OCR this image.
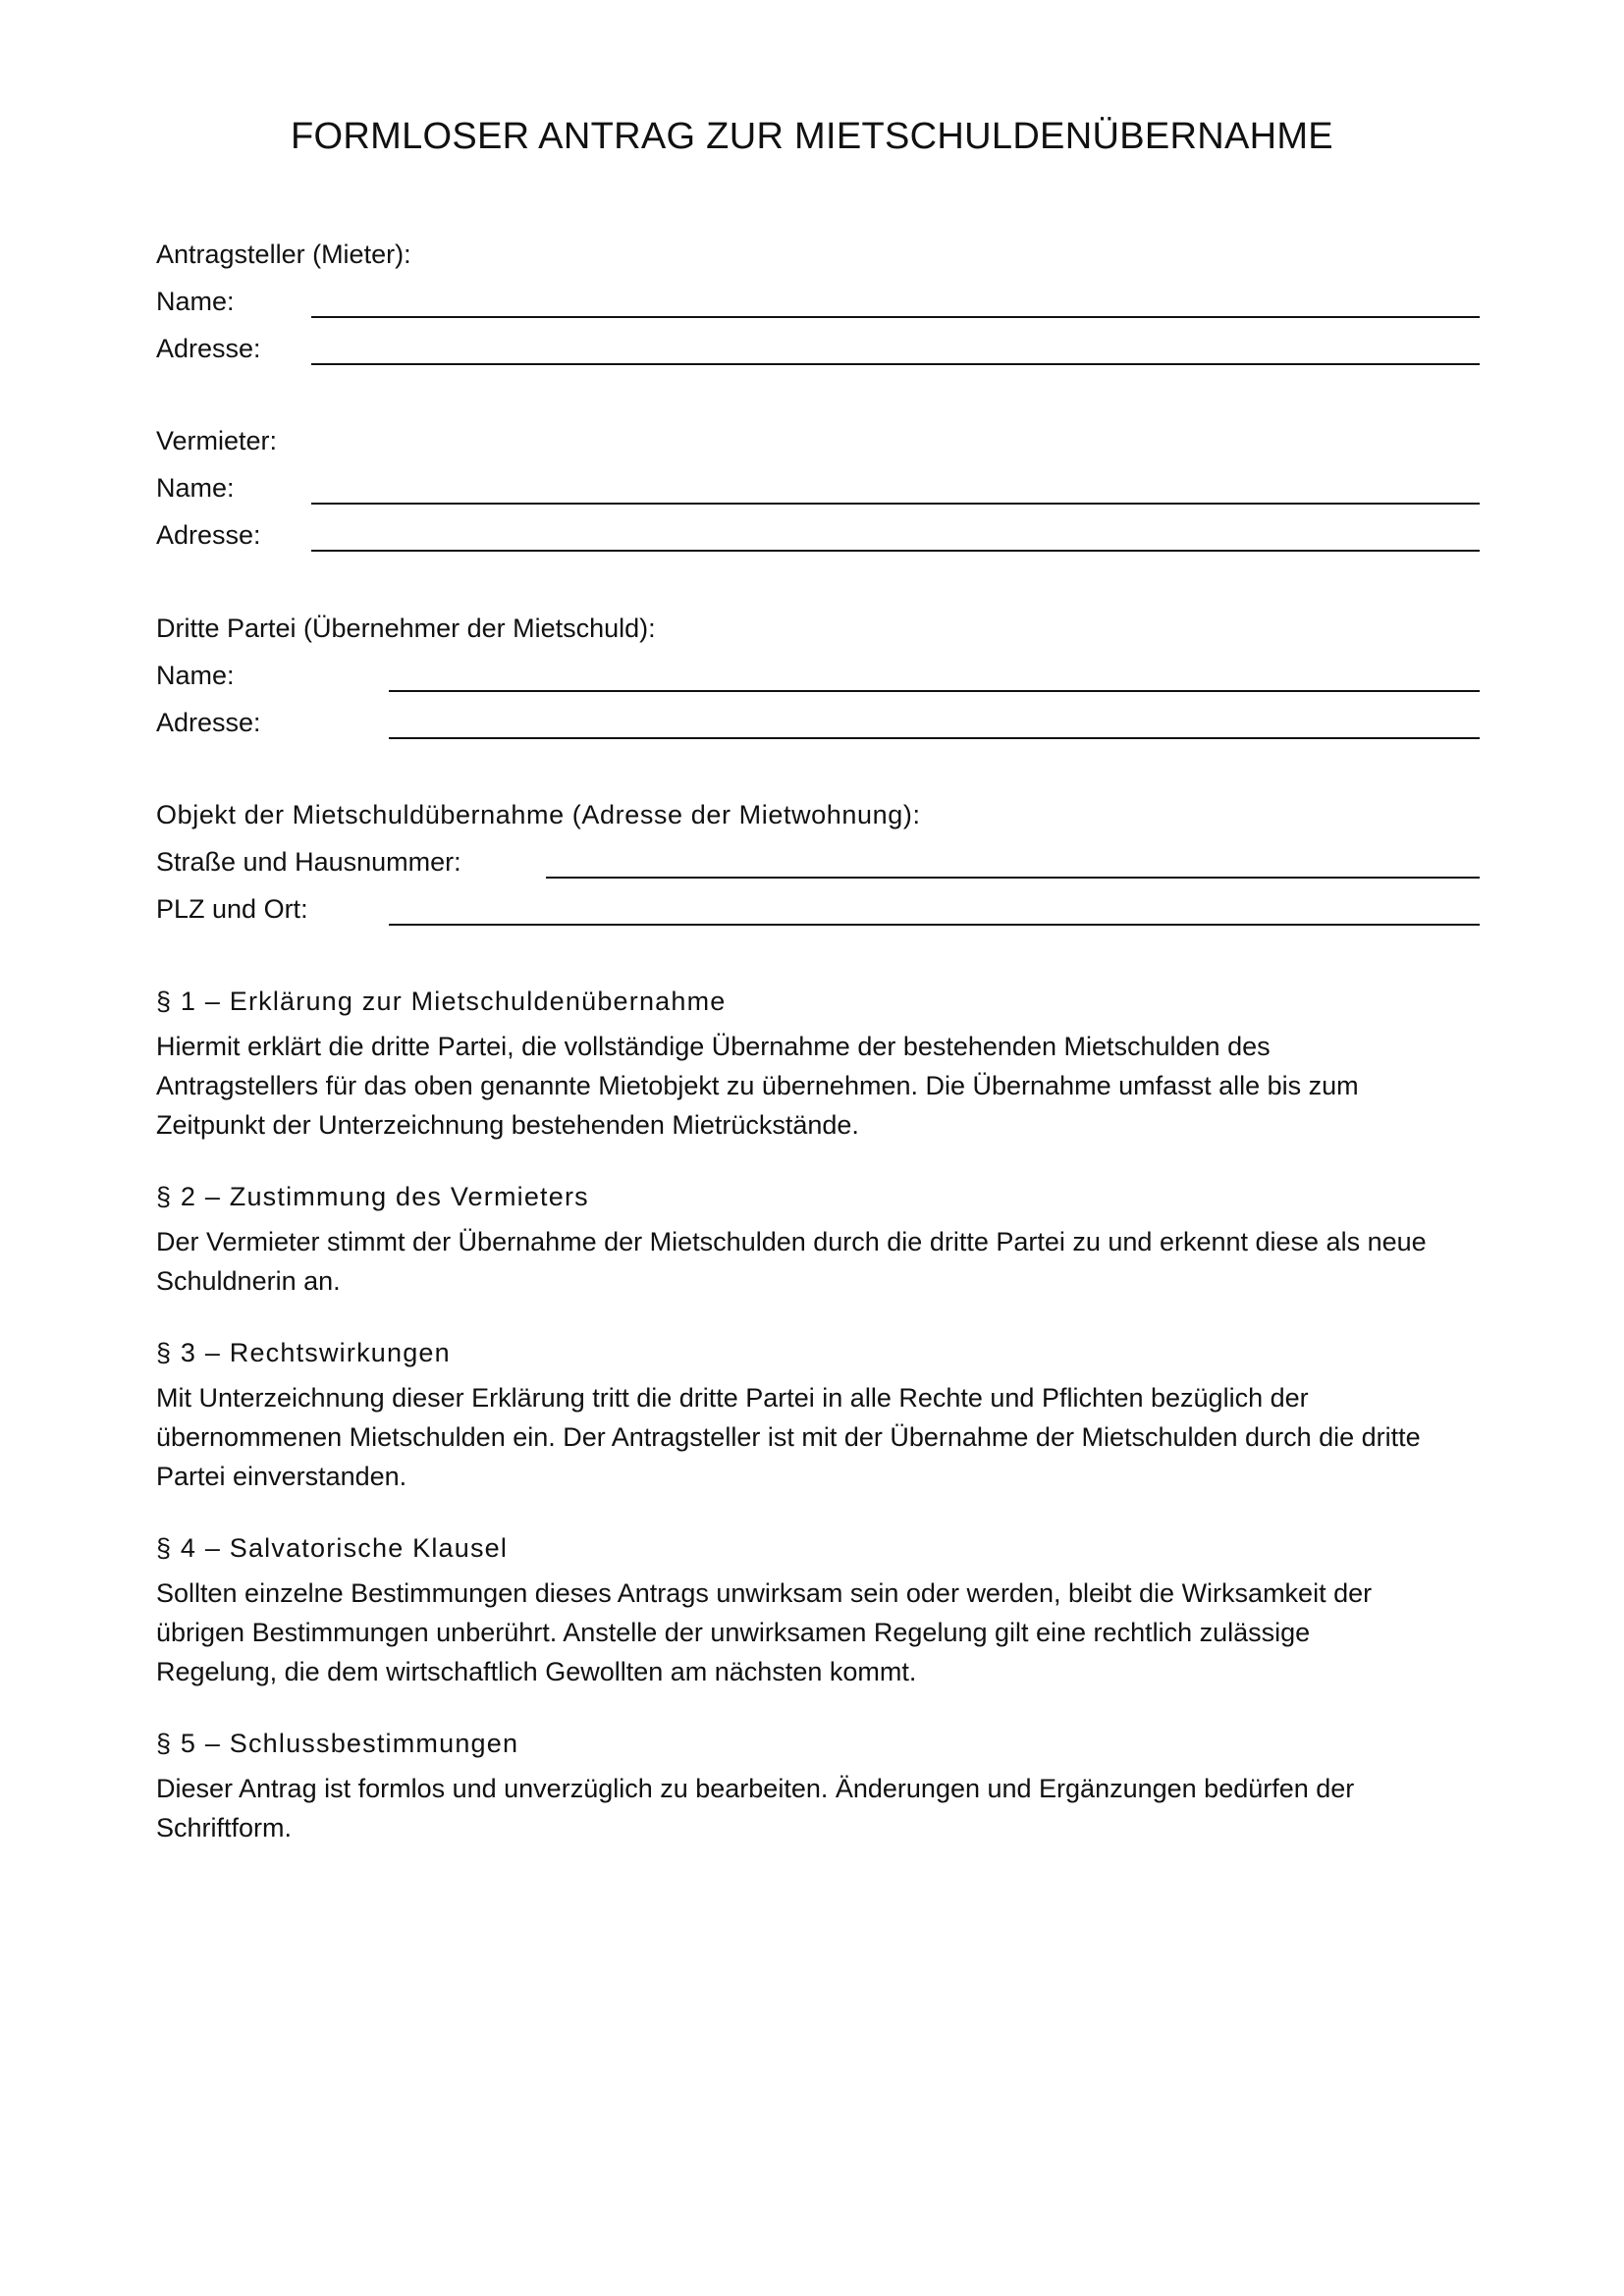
FORMLOSER ANTRAG ZUR MIETSCHULDENÜBERNAHME
Antragsteller (Mieter):
Name:
Adresse:
Vermieter:
Name:
Adresse:
Dritte Partei (Übernehmer der Mietschuld):
Name:
Adresse:
Objekt der Mietschuldübernahme (Adresse der Mietwohnung):
Straße und Hausnummer:
PLZ und Ort:
§ 1 – Erklärung zur Mietschuldenübernahme
Hiermit erklärt die dritte Partei, die vollständige Übernahme der bestehenden Mietschulden des
Antragstellers für das oben genannte Mietobjekt zu übernehmen. Die Übernahme umfasst alle bis zum
Zeitpunkt der Unterzeichnung bestehenden Mietrückstände.
§ 2 – Zustimmung des Vermieters
Der Vermieter stimmt der Übernahme der Mietschulden durch die dritte Partei zu und erkennt diese als neue
Schuldnerin an.
§ 3 – Rechtswirkungen
Mit Unterzeichnung dieser Erklärung tritt die dritte Partei in alle Rechte und Pflichten bezüglich der
übernommenen Mietschulden ein. Der Antragsteller ist mit der Übernahme der Mietschulden durch die dritte
Partei einverstanden.
§ 4 – Salvatorische Klausel
Sollten einzelne Bestimmungen dieses Antrags unwirksam sein oder werden, bleibt die Wirksamkeit der
übrigen Bestimmungen unberührt. Anstelle der unwirksamen Regelung gilt eine rechtlich zulässige
Regelung, die dem wirtschaftlich Gewollten am nächsten kommt.
§ 5 – Schlussbestimmungen
Dieser Antrag ist formlos und unverzüglich zu bearbeiten. Änderungen und Ergänzungen bedürfen der
Schriftform.
